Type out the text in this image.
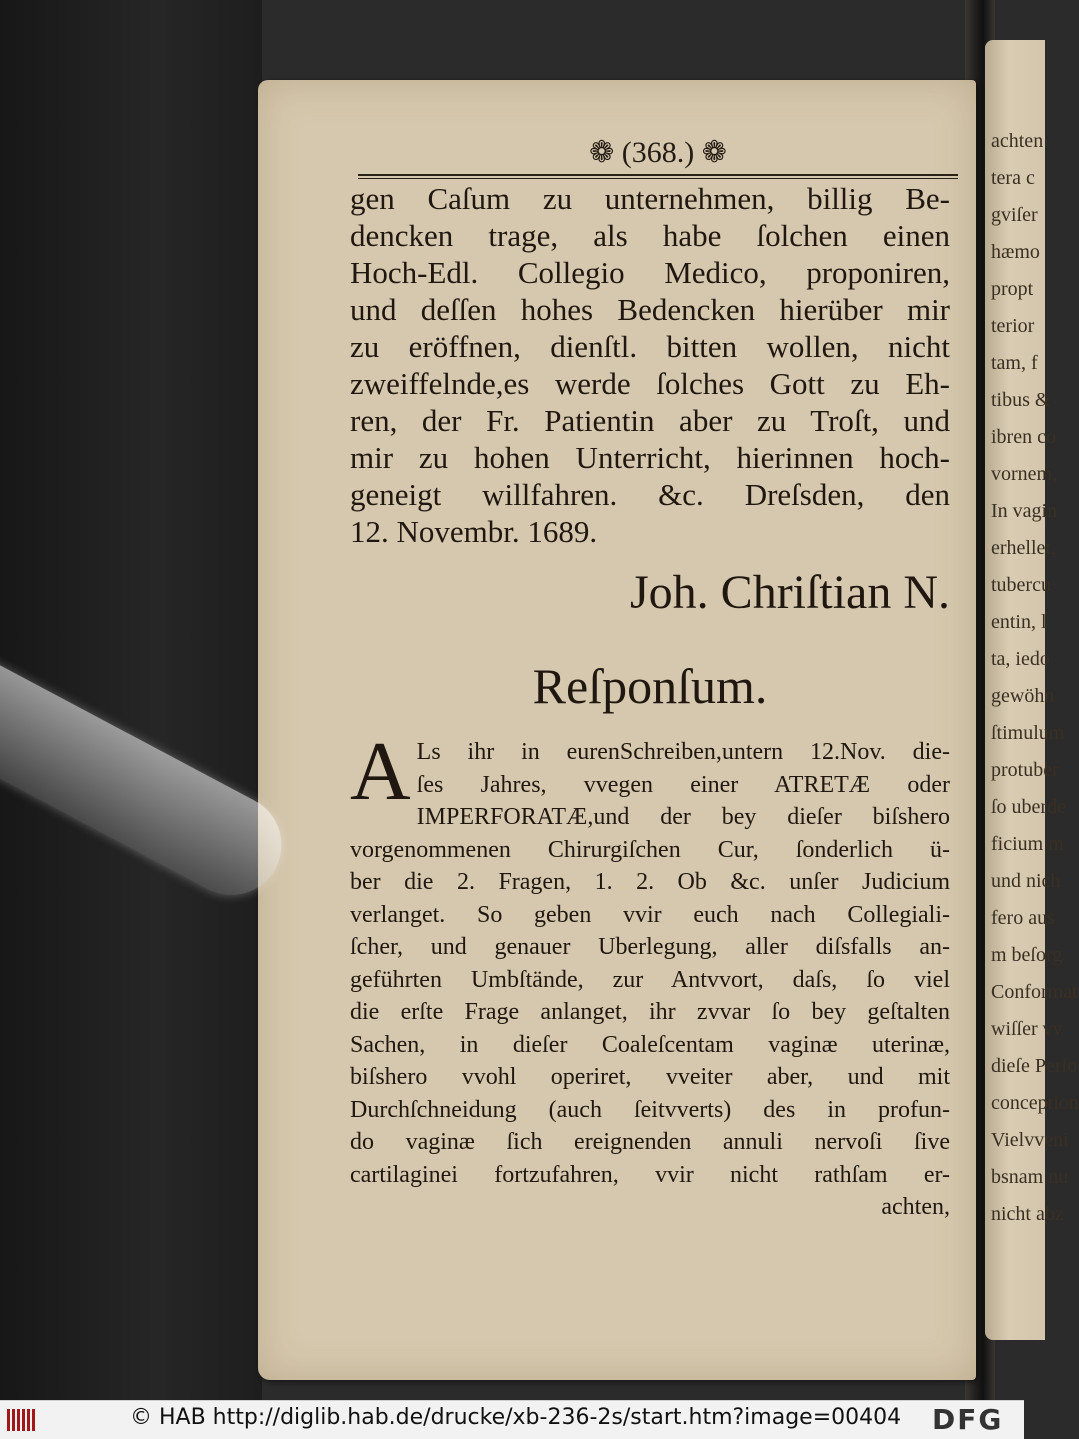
achten
tera c
gviſer
hæmo
propt
terior
tam, f
tibus &
ibren co
vornem,
In vagin
erhellet,
tubercu
entin, l
ta, iedo
gewöhn
ſtimulum
protuber
ſo uberde
ficium m
und nich
fero aus
m beſorg
Conformat
wiſſer vv
dieſe Perſo
conception
Vielvveni
bsnam nu
nicht abz
❁ (368.) ❁
gen Caſum zu unternehmen, billig Be-
dencken trage, als habe ſolchen einen
Hoch-Edl. Collegio Medico, proponiren,
und deſſen hohes Bedencken hierüber mir
zu eröffnen, dienſtl. bitten wollen, nicht
zweiffelnde,es werde ſolches Gott zu Eh-
ren, der Fr. Patientin aber zu Troſt, und
mir zu hohen Unterricht, hierinnen hoch-
geneigt willfahren. &c. Dreſsden, den
12. Novembr. 1689.
Joh. Chriſtian N.
Reſponſum.
A Ls ihr in eurenSchreiben,untern 12.Nov. die-
ſes Jahres, vvegen einer ATRETÆ oder
IMPERFORATÆ,und der bey dieſer biſshero
vorgenommenen Chirurgiſchen Cur, ſonderlich ü-
ber die 2. Fragen, 1. 2. Ob &c. unſer Judicium
verlanget. So geben vvir euch nach Collegiali-
ſcher, und genauer Uberlegung, aller diſsfalls an-
geführten Umbſtände, zur Antvvort, daſs, ſo viel
die erſte Frage anlanget, ihr zvvar ſo bey geſtalten
Sachen, in dieſer Coaleſcentam vaginæ uterinæ,
biſshero vvohl operiret, vveiter aber, und mit
Durchſchneidung (auch ſeitvverts) des in profun-
do vaginæ ſich ereignenden annuli nervoſi ſive
cartilaginei fortzufahren, vvir nicht rathſam er-
achten,
© HAB http://diglib.hab.de/drucke/xb-236-2s/start.htm?image=00404 DFG
